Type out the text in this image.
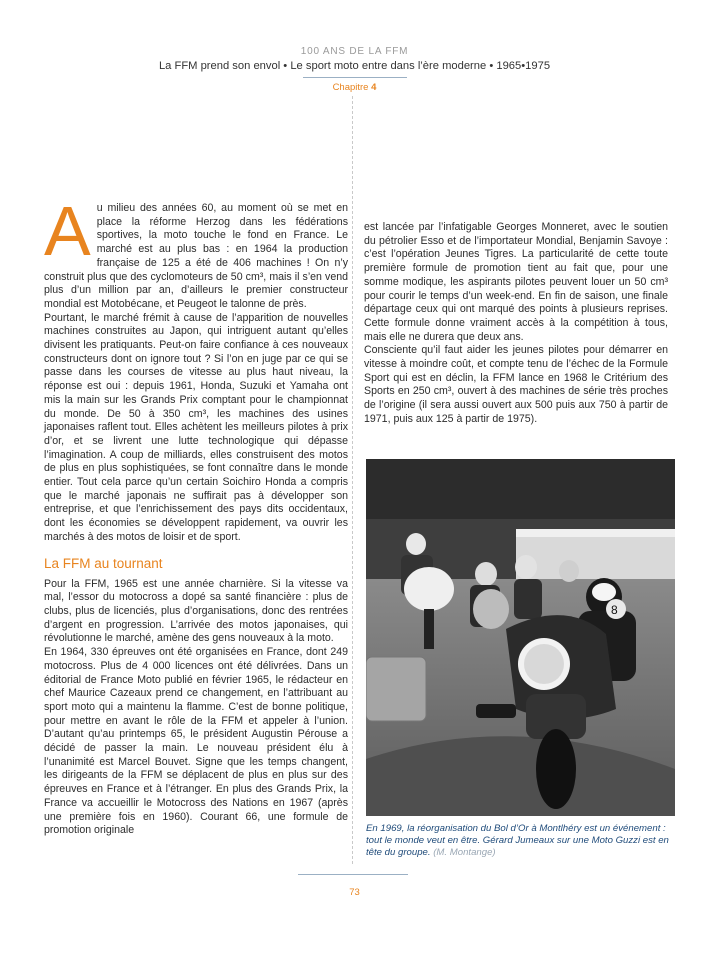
100 ANS DE LA FFM
La FFM prend son envol • Le sport moto entre dans l’ère moderne • 1965•1975
Chapitre 4

Au milieu des années 60, au moment où se met en place la réforme Herzog dans les fédérations sportives, la moto touche le fond en France. Le marché est au plus bas : en 1964 la production française de 125 a été de 406 machines ! On n’y construit plus que des cyclomoteurs de 50 cm³, mais il s’en vend plus d’un million par an, d’ailleurs le premier constructeur mondial est Motobécane, et Peugeot le talonne de près.

Pourtant, le marché frémit à cause de l’apparition de nouvelles machines construites au Japon, qui intriguent autant qu’elles divisent les pratiquants. Peut-on faire confiance à ces nouveaux constructeurs dont on ignore tout ? Si l’on en juge par ce qui se passe dans les courses de vitesse au plus haut niveau, la réponse est oui : depuis 1961, Honda, Suzuki et Yamaha ont mis la main sur les Grands Prix comptant pour le championnat du monde. De 50 à 350 cm³, les machines des usines japonaises raflent tout. Elles achètent les meilleurs pilotes à prix d’or, et se livrent une lutte technologique qui dépasse l’imagination. A coup de milliards, elles construisent des motos de plus en plus sophistiquées, se font connaître dans le monde entier. Tout cela parce qu’un certain Soichiro Honda a compris que le marché japonais ne suffirait pas à développer son entreprise, et que l’enrichissement des pays dits occidentaux, dont les économies se développent rapidement, va ouvrir les marchés à des motos de loisir et de sport.

La FFM au tournant

Pour la FFM, 1965 est une année charnière. Si la vitesse va mal, l’essor du motocross a dopé sa santé financière : plus de clubs, plus de licenciés, plus d’organisations, donc des rentrées d’argent en progression. L’arrivée des motos japonaises, qui révolutionne le marché, amène des gens nouveaux à la moto.

En 1964, 330 épreuves ont été organisées en France, dont 249 motocross. Plus de 4 000 licences ont été délivrées. Dans un éditorial de France Moto publié en février 1965, le rédacteur en chef Maurice Cazeaux prend ce changement, en l’attribuant au sport moto qui a maintenu la flamme. C’est de bonne politique, pour mettre en avant le rôle de la FFM et appeler à l’union. D’autant qu’au printemps 65, le président Augustin Pérouse a décidé de passer la main. Le nouveau président élu à l’unanimité est Marcel Bouvet. Signe que les temps changent, les dirigeants de la FFM se déplacent de plus en plus sur des épreuves en France et à l’étranger. En plus des Grands Prix, la France va accueillir le Motocross des Nations en 1967 (après une première fois en 1960). Courant 66, une formule de promotion originale

est lancée par l’infatigable Georges Monneret, avec le soutien du pétrolier Esso et de l’importateur Mondial, Benjamin Savoye : c’est l’opération Jeunes Tigres. La particularité de cette toute première formule de promotion tient au fait que, pour une somme modique, les aspirants pilotes peuvent louer un 50 cm³ pour courir le temps d’un week-end. En fin de saison, une finale départage ceux qui ont marqué des points à plusieurs reprises. Cette formule donne vraiment accès à la compétition à tous, mais elle ne durera que deux ans.

Consciente qu’il faut aider les jeunes pilotes pour démarrer en vitesse à moindre coût, et compte tenu de l’échec de la Formule Sport qui est en déclin, la FFM lance en 1968 le Critérium des Sports en 250 cm³, ouvert à des machines de série très proches de l’origine (il sera aussi ouvert aux 500 puis aux 750 à partir de 1971, puis aux 125 à partir de 1975).

8
En 1969, la réorganisation du Bol d’Or à Montlhéry est un événement : tout le monde veut en être. Gérard Jumeaux sur une Moto Guzzi est en tête du groupe. (M. Montange)
73
